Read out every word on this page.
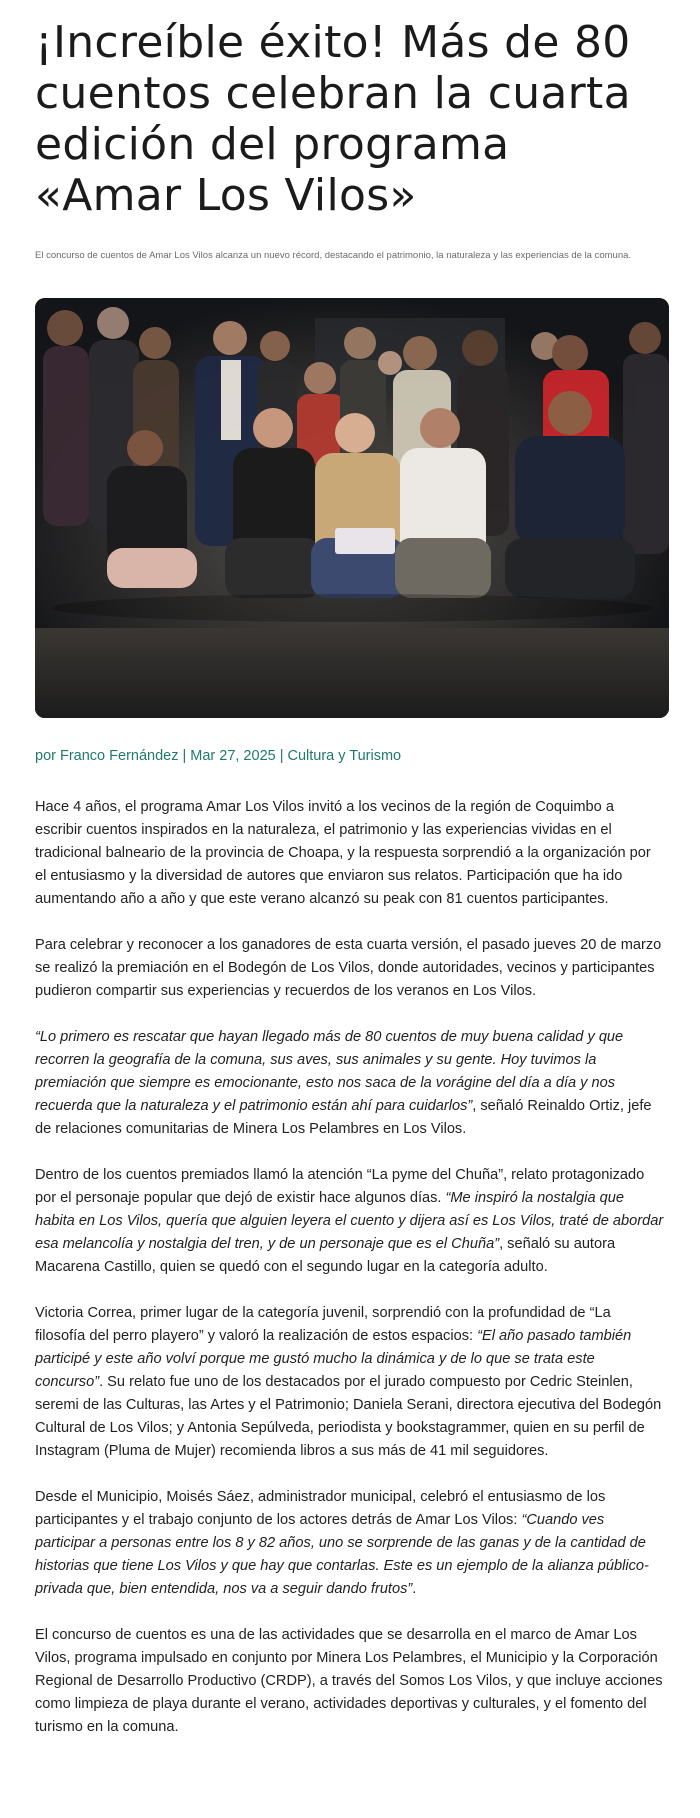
¡Increíble éxito! Más de 80 cuentos celebran la cuarta edición del programa «Amar Los Vilos»

El concurso de cuentos de Amar Los Vilos alcanza un nuevo récord, destacando el patrimonio, la naturaleza y las experiencias de la comuna.

por Franco Fernández | Mar 27, 2025 | Cultura y Turismo

Hace 4 años, el programa Amar Los Vilos invitó a los vecinos de la región de Coquimbo a escribir cuentos inspirados en la naturaleza, el patrimonio y las experiencias vividas en el tradicional balneario de la provincia de Choapa, y la respuesta sorprendió a la organización por el entusiasmo y la diversidad de autores que enviaron sus relatos. Participación que ha ido aumentando año a año y que este verano alcanzó su peak con 81 cuentos participantes.

Para celebrar y reconocer a los ganadores de esta cuarta versión, el pasado jueves 20 de marzo se realizó la premiación en el Bodegón de Los Vilos, donde autoridades, vecinos y participantes pudieron compartir sus experiencias y recuerdos de los veranos en Los Vilos.

“Lo primero es rescatar que hayan llegado más de 80 cuentos de muy buena calidad y que recorren la geografía de la comuna, sus aves, sus animales y su gente. Hoy tuvimos la premiación que siempre es emocionante, esto nos saca de la vorágine del día a día y nos recuerda que la naturaleza y el patrimonio están ahí para cuidarlos”, señaló Reinaldo Ortiz, jefe de relaciones comunitarias de Minera Los Pelambres en Los Vilos.

Dentro de los cuentos premiados llamó la atención “La pyme del Chuña”, relato protagonizado por el personaje popular que dejó de existir hace algunos días. “Me inspiró la nostalgia que habita en Los Vilos, quería que alguien leyera el cuento y dijera así es Los Vilos, traté de abordar esa melancolía y nostalgia del tren, y de un personaje que es el Chuña”, señaló su autora Macarena Castillo, quien se quedó con el segundo lugar en la categoría adulto.

Victoria Correa, primer lugar de la categoría juvenil, sorprendió con la profundidad de “La filosofía del perro playero” y valoró la realización de estos espacios: “El año pasado también participé y este año volví porque me gustó mucho la dinámica y de lo que se trata este concurso”. Su relato fue uno de los destacados por el jurado compuesto por Cedric Steinlen, seremi de las Culturas, las Artes y el Patrimonio; Daniela Serani, directora ejecutiva del Bodegón Cultural de Los Vilos; y Antonia Sepúlveda, periodista y bookstagrammer, quien en su perfil de Instagram (Pluma de Mujer) recomienda libros a sus más de 41 mil seguidores.

Desde el Municipio, Moisés Sáez, administrador municipal, celebró el entusiasmo de los participantes y el trabajo conjunto de los actores detrás de Amar Los Vilos: “Cuando ves participar a personas entre los 8 y 82 años, uno se sorprende de las ganas y de la cantidad de historias que tiene Los Vilos y que hay que contarlas. Este es un ejemplo de la alianza público-privada que, bien entendida, nos va a seguir dando frutos”.

El concurso de cuentos es una de las actividades que se desarrolla en el marco de Amar Los Vilos, programa impulsado en conjunto por Minera Los Pelambres, el Municipio y la Corporación Regional de Desarrollo Productivo (CRDP), a través del Somos Los Vilos, y que incluye acciones como limpieza de playa durante el verano, actividades deportivas y culturales, y el fomento del turismo en la comuna.
